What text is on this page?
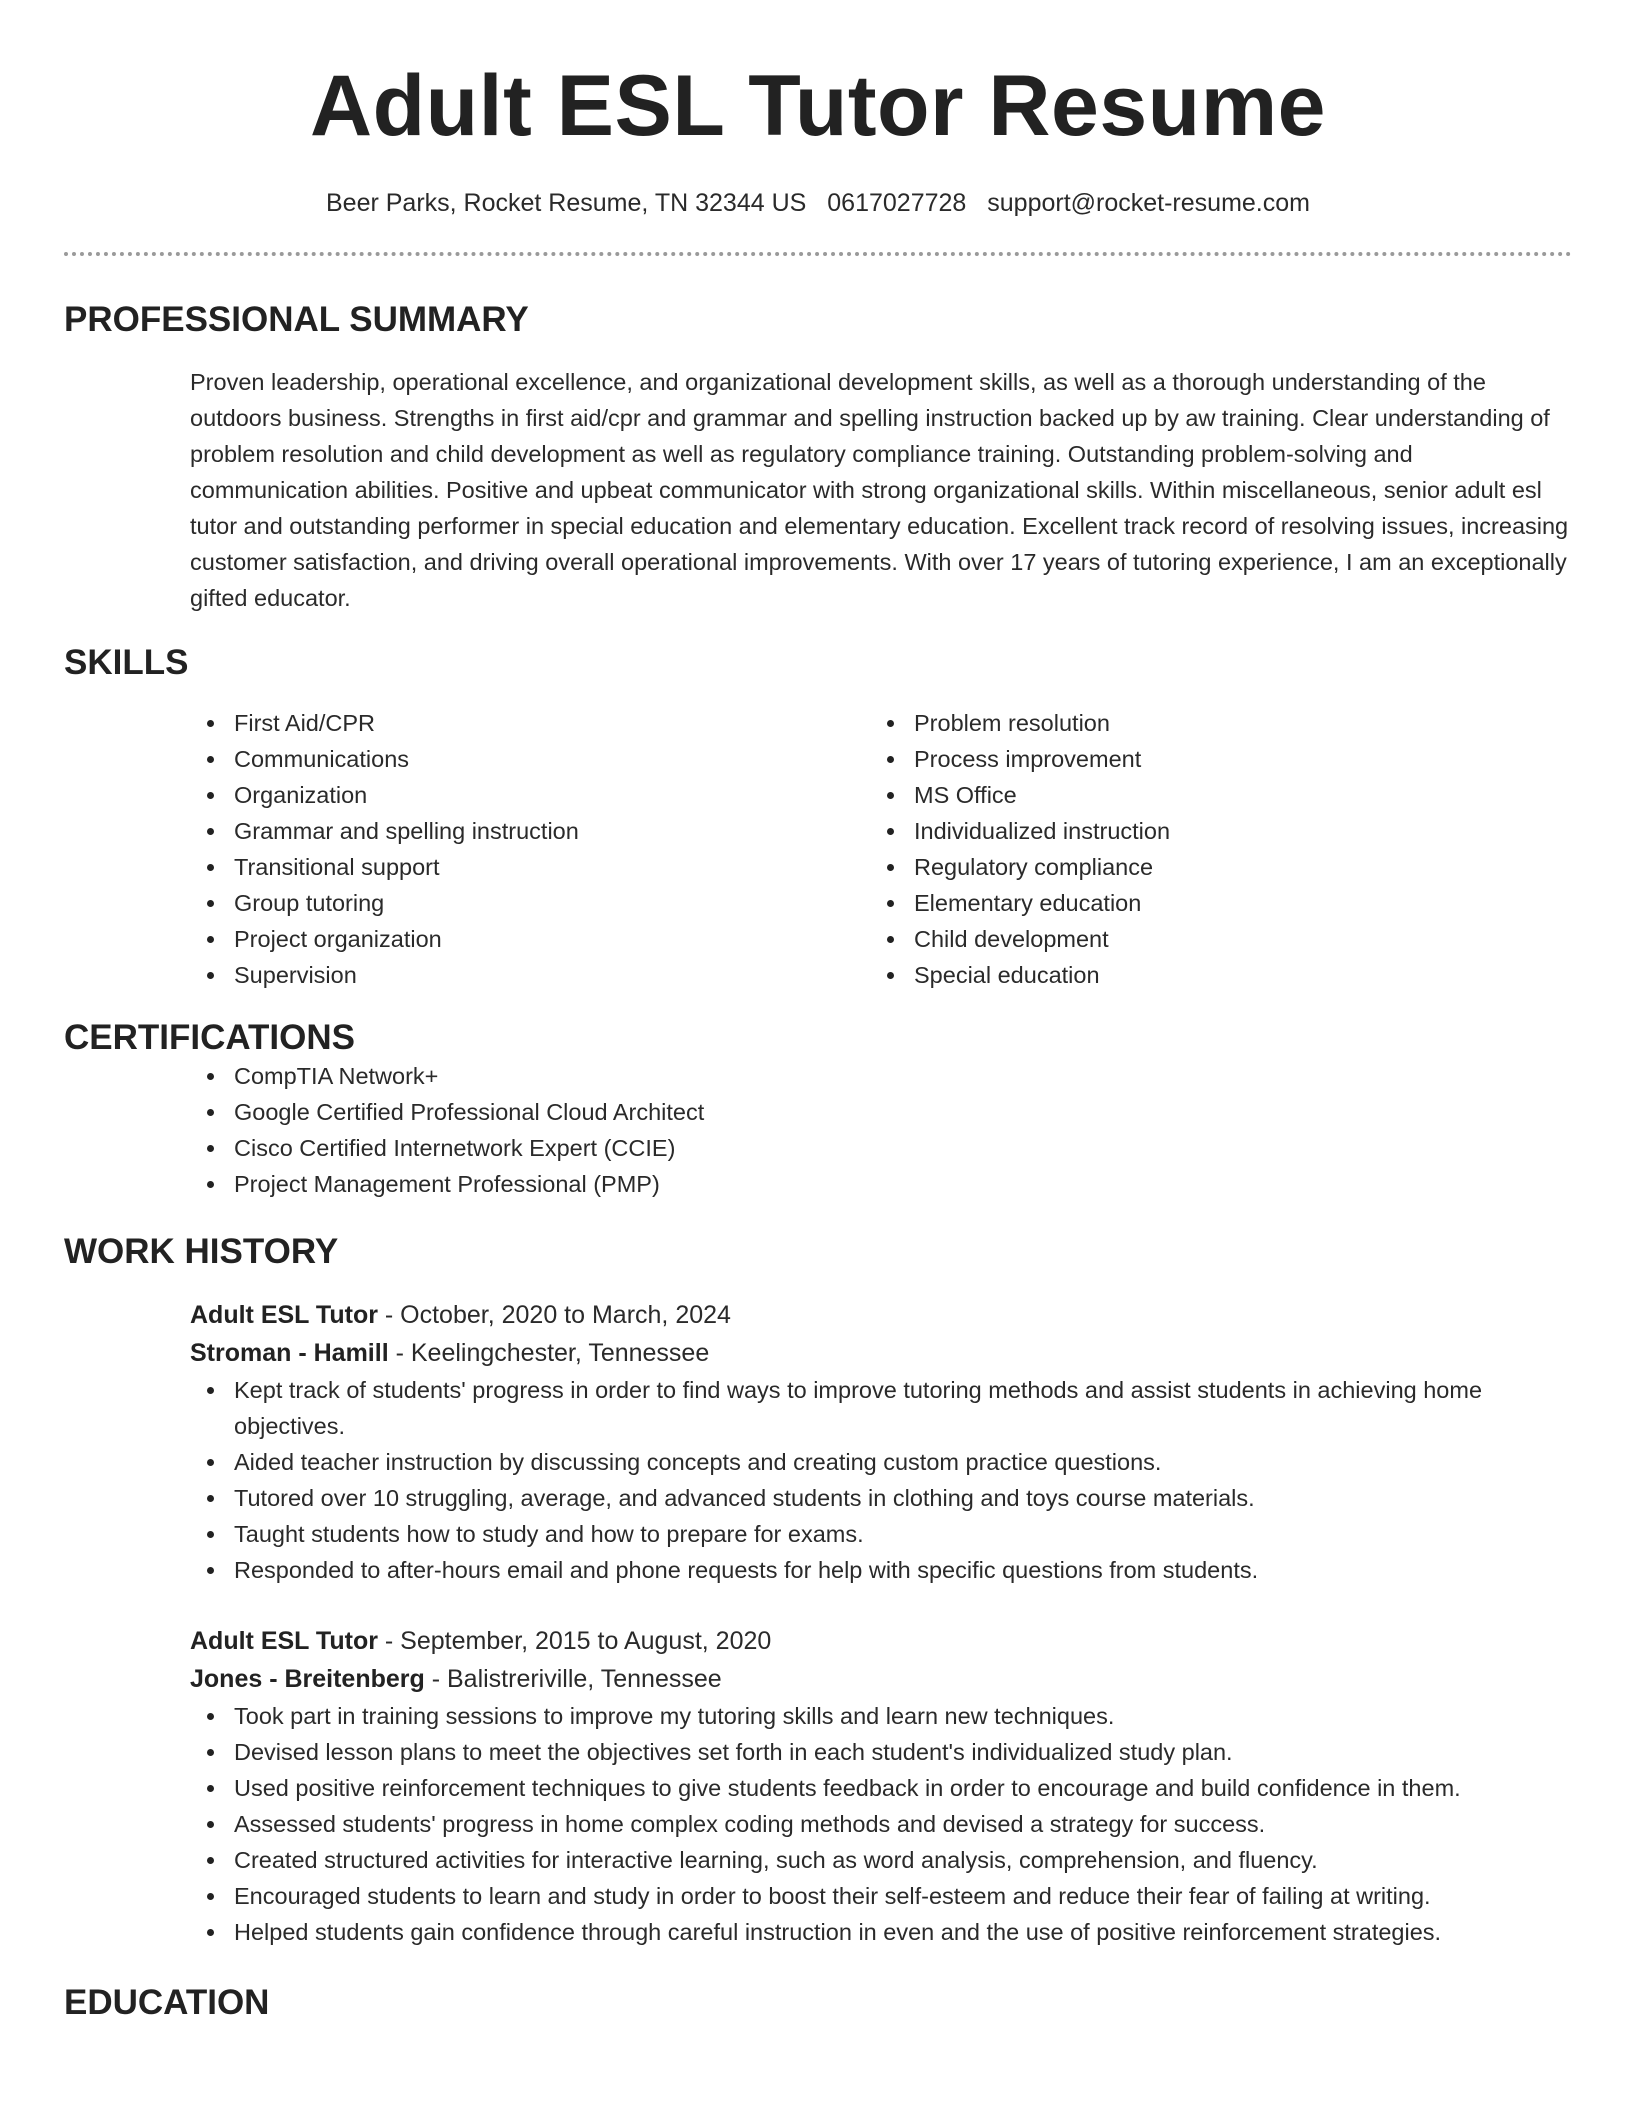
Adult ESL Tutor Resume
Beer Parks, Rocket Resume, TN 32344 US 0617027728 support@rocket-resume.com
PROFESSIONAL SUMMARY
Proven leadership, operational excellence, and organizational development skills, as well as a thorough understanding of the outdoors business. Strengths in first aid/cpr and grammar and spelling instruction backed up by aw training. Clear understanding of problem resolution and child development as well as regulatory compliance training. Outstanding problem-solving and communication abilities. Positive and upbeat communicator with strong organizational skills. Within miscellaneous, senior adult esl tutor and outstanding performer in special education and elementary education. Excellent track record of resolving issues, increasing customer satisfaction, and driving overall operational improvements. With over 17 years of tutoring experience, I am an exceptionally gifted educator.
SKILLS
First Aid/CPR
Communications
Organization
Grammar and spelling instruction
Transitional support
Group tutoring
Project organization
Supervision
Problem resolution
Process improvement
MS Office
Individualized instruction
Regulatory compliance
Elementary education
Child development
Special education
CERTIFICATIONS
CompTIA Network+
Google Certified Professional Cloud Architect
Cisco Certified Internetwork Expert (CCIE)
Project Management Professional (PMP)
WORK HISTORY
Adult ESL Tutor - October, 2020 to March, 2024
Stroman - Hamill - Keelingchester, Tennessee
Kept track of students' progress in order to find ways to improve tutoring methods and assist students in achieving home objectives.
Aided teacher instruction by discussing concepts and creating custom practice questions.
Tutored over 10 struggling, average, and advanced students in clothing and toys course materials.
Taught students how to study and how to prepare for exams.
Responded to after-hours email and phone requests for help with specific questions from students.
Adult ESL Tutor - September, 2015 to August, 2020
Jones - Breitenberg - Balistreriville, Tennessee
Took part in training sessions to improve my tutoring skills and learn new techniques.
Devised lesson plans to meet the objectives set forth in each student's individualized study plan.
Used positive reinforcement techniques to give students feedback in order to encourage and build confidence in them.
Assessed students' progress in home complex coding methods and devised a strategy for success.
Created structured activities for interactive learning, such as word analysis, comprehension, and fluency.
Encouraged students to learn and study in order to boost their self-esteem and reduce their fear of failing at writing.
Helped students gain confidence through careful instruction in even and the use of positive reinforcement strategies.
EDUCATION
